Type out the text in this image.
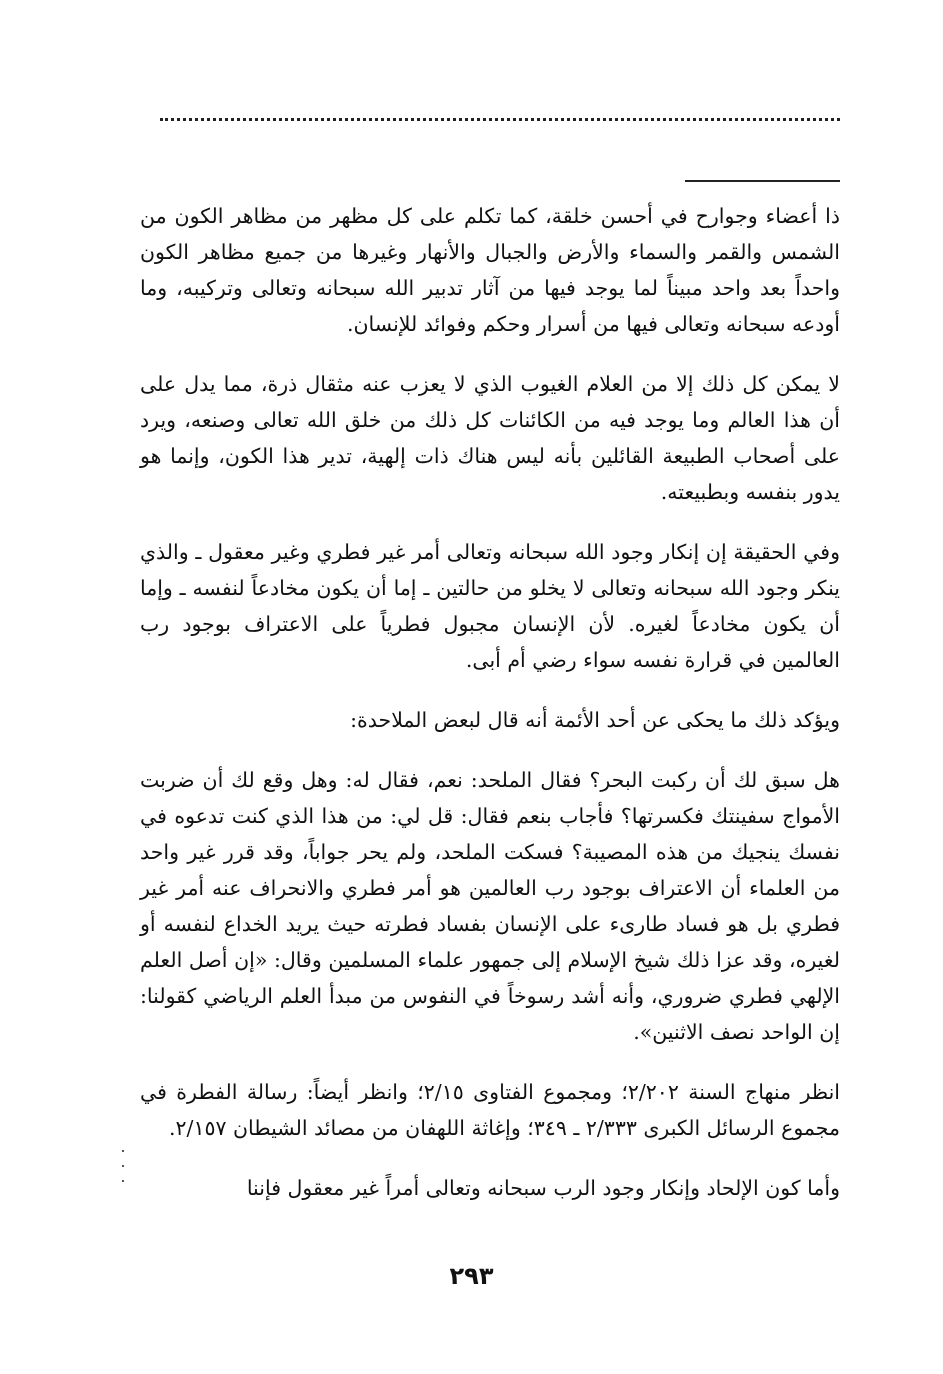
ذا أعضاء وجوارح في أحسن خلقة، كما تكلم على كل مظهر من مظاهر الكون من الشمس والقمر والسماء والأرض والجبال والأنهار وغيرها من جميع مظاهر الكون واحداً بعد واحد مبيناً لما يوجد فيها من آثار تدبير الله سبحانه وتعالى وتركيبه، وما أودعه سبحانه وتعالى فيها من أسرار وحكم وفوائد للإنسان.

لا يمكن كل ذلك إلا من العلام الغيوب الذي لا يعزب عنه مثقال ذرة، مما يدل على أن هذا العالم وما يوجد فيه من الكائنات كل ذلك من خلق الله تعالى وصنعه، ويرد على أصحاب الطبيعة القائلين بأنه ليس هناك ذات إلهية، تدير هذا الكون، وإنما هو يدور بنفسه وبطبيعته.

وفي الحقيقة إن إنكار وجود الله سبحانه وتعالى أمر غير فطري وغير معقول ـ والذي ينكر وجود الله سبحانه وتعالى لا يخلو من حالتين ـ إما أن يكون مخادعاً لنفسه ـ وإما أن يكون مخادعاً لغيره. لأن الإنسان مجبول فطرياً على الاعتراف بوجود رب العالمين في قرارة نفسه سواء رضي أم أبى.

ويؤكد ذلك ما يحكى عن أحد الأئمة أنه قال لبعض الملاحدة:

هل سبق لك أن ركبت البحر؟ فقال الملحد: نعم، فقال له: وهل وقع لك أن ضربت الأمواج سفينتك فكسرتها؟ فأجاب بنعم فقال: قل لي: من هذا الذي كنت تدعوه في نفسك ينجيك من هذه المصيبة؟ فسكت الملحد، ولم يحر جواباً، وقد قرر غير واحد من العلماء أن الاعتراف بوجود رب العالمين هو أمر فطري والانحراف عنه أمر غير فطري بل هو فساد طارىء على الإنسان بفساد فطرته حيث يريد الخداع لنفسه أو لغيره، وقد عزا ذلك شيخ الإسلام إلى جمهور علماء المسلمين وقال: «إن أصل العلم الإلهي فطري ضروري، وأنه أشد رسوخاً في النفوس من مبدأ العلم الرياضي كقولنا: إن الواحد نصف الاثنين».

انظر منهاج السنة ٢/٢٠٢؛ ومجموع الفتاوى ٢/١٥؛ وانظر أيضاً: رسالة الفطرة في مجموع الرسائل الكبرى ٢/٣٣٣ ـ ٣٤٩؛ وإغاثة اللهفان من مصائد الشيطان ٢/١٥٧.

وأما كون الإلحاد وإنكار وجود الرب سبحانه وتعالى أمراً غير معقول فإننا

٢٩٣
